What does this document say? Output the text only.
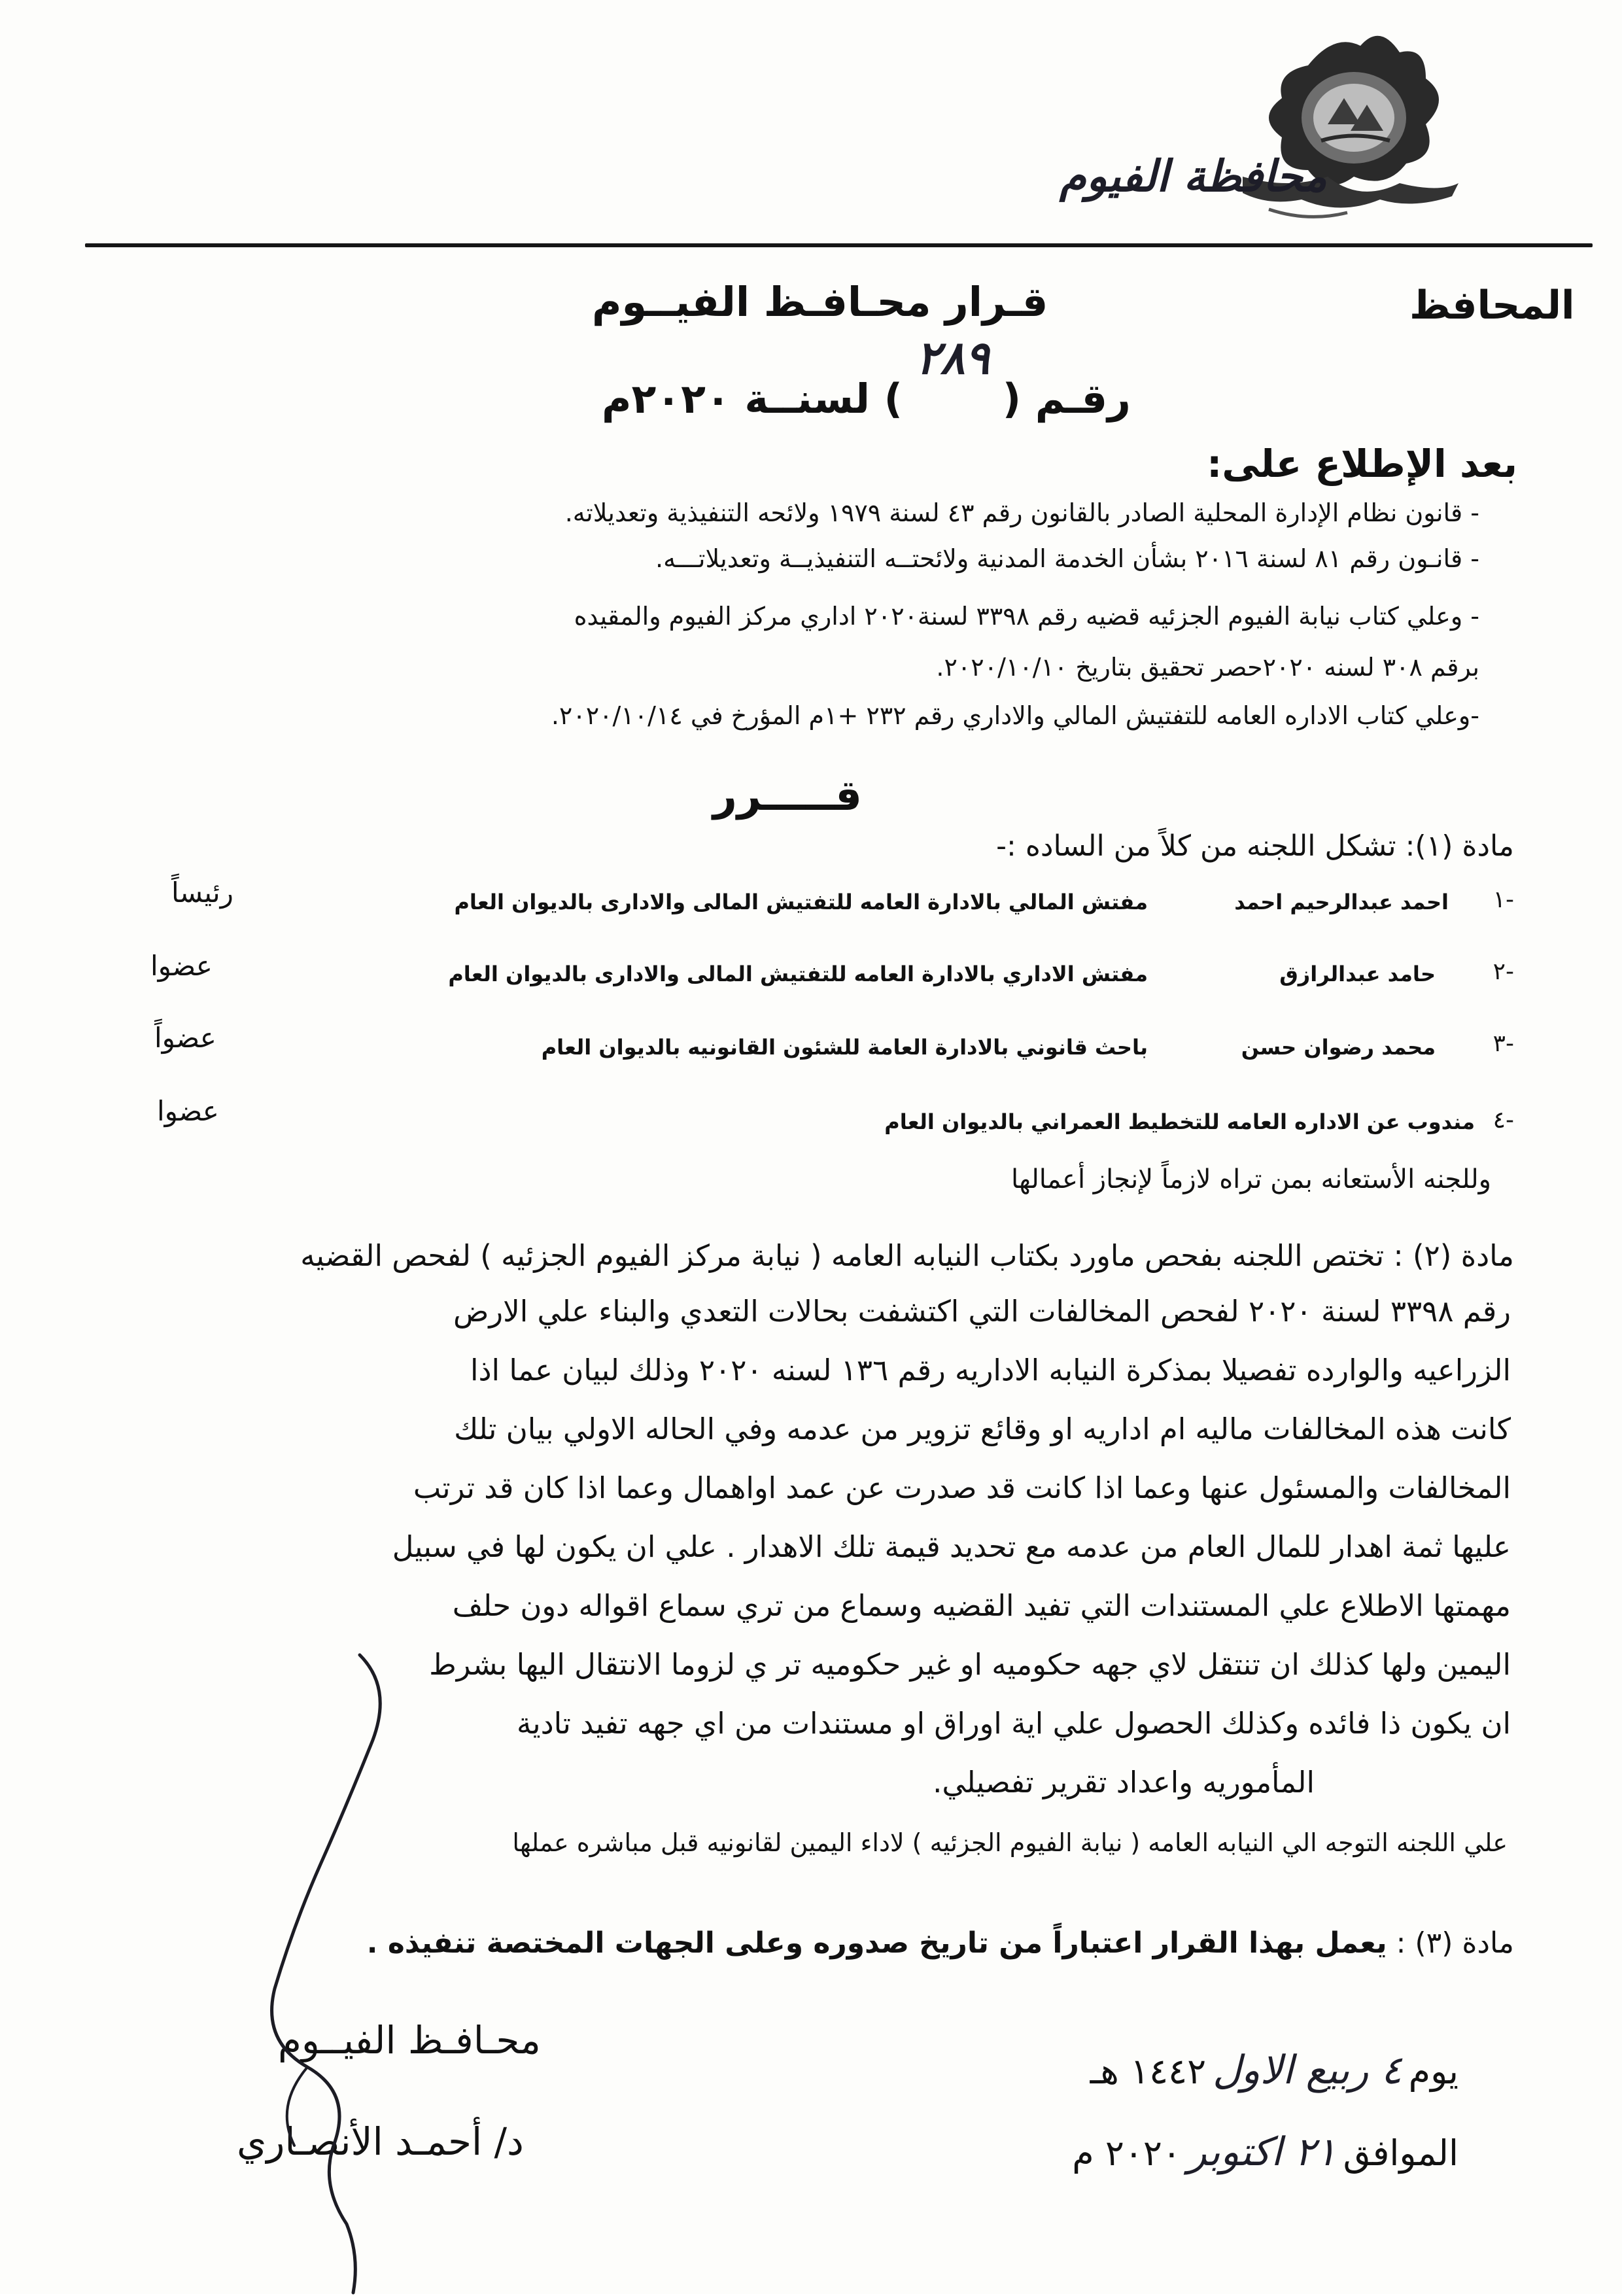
محافظة الفيوم
المحافظ
قـرار محـافـظ الفيــوم
رقـم (٢٨٩) لسنــة ٢٠٢٠م
بعد الإطلاع على:
- قانون نظام الإدارة المحلية الصادر بالقانون رقم ٤٣ لسنة ١٩٧٩ ولائحه التنفيذية وتعديلاته.
- قانـون رقم ٨١ لسنة ٢٠١٦ بشأن الخدمة المدنية ولائحتــه التنفيذيــة وتعديلاتـــه.
- وعلي كتاب نيابة الفيوم الجزئيه قضيه رقم ٣٣٩٨ لسنة٢٠٢٠ اداري مركز الفيوم والمقيده
برقم ٣٠٨ لسنه ٢٠٢٠حصر تحقيق بتاريخ ٢٠٢٠/١٠/١٠.
-وعلي كتاب الاداره العامه للتفتيش المالي والاداري رقم ٢٣٢ +١م المؤرخ في ٢٠٢٠/١٠/١٤.
قـــــرر
مادة (١): تشكل اللجنه من كلاً من الساده :-
١-
احمد عبدالرحيم احمد
مفتش المالي بالادارة العامه للتفتيش المالى والادارى بالديوان العام
رئيساً
٢-
حامد عبدالرازق
مفتش الاداري بالادارة العامه للتفتيش المالى والادارى بالديوان العام
عضوا
٣-
محمد رضوان حسن
باحث قانوني بالادارة العامة للشئون القانونيه بالديوان العام
عضواً
٤-
مندوب عن الاداره العامه للتخطيط العمراني بالديوان العام
عضوا
وللجنه الأستعانه بمن تراه لازماً لإنجاز أعمالها
مادة (٢) : تختص اللجنه بفحص ماورد بكتاب النيابه العامه ( نيابة مركز الفيوم الجزئيه ) لفحص القضيه
رقم ٣٣٩٨ لسنة ٢٠٢٠ لفحص المخالفات التي اكتشفت بحالات التعدي والبناء علي الارض
الزراعيه والوارده تفصيلا بمذكرة النيابه الاداريه رقم ١٣٦ لسنه ٢٠٢٠ وذلك لبيان عما اذا
كانت هذه المخالفات ماليه ام اداريه او وقائع تزوير من عدمه وفي الحاله الاولي بيان تلك
المخالفات والمسئول عنها وعما اذا كانت قد صدرت عن عمد اواهمال وعما اذا كان قد ترتب
عليها ثمة اهدار للمال العام من عدمه مع تحديد قيمة تلك الاهدار . علي ان يكون لها في سبيل
مهمتها الاطلاع علي المستندات التي تفيد القضيه وسماع من تري سماع اقواله دون حلف
اليمين ولها كذلك ان تنتقل لاي جهه حكوميه او غير حكوميه تر ي لزوما الانتقال اليها بشرط
ان يكون ذا فائده وكذلك الحصول علي اية اوراق او مستندات من اي جهه تفيد تادية
المأموريه واعداد تقرير تفصيلي.
علي اللجنه التوجه الي النيابه العامه ( نيابة الفيوم الجزئيه ) لاداء اليمين لقانونيه قبل مباشره عملها
مادة (٣) : يعمل بهذا القرار اعتباراً من تاريخ صدوره وعلى الجهات المختصة تنفيذه .
يوم٤ ربيع الاول١٤٤٢ هـ
الموافق٢١ اكتوبر٢٠٢٠ م
محـافـظ الفيــوم
د/ أحمـد الأنصـاري
